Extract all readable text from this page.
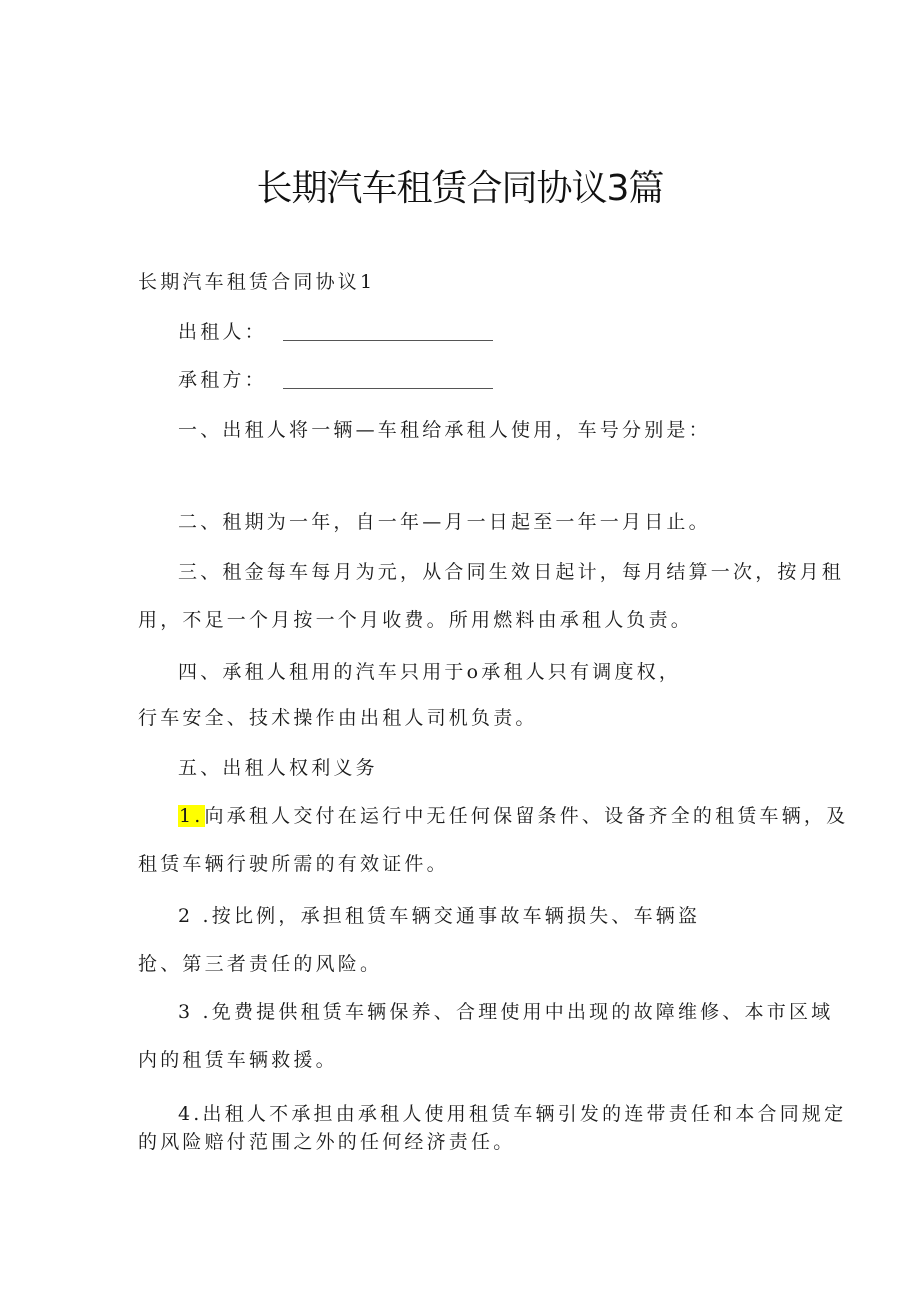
长期汽车租赁合同协议3篇
长期汽车租赁合同协议1
出租人：
承租方：
一、出租人将一辆—车租给承租人使用，车号分别是：
二、租期为一年，自一年—月一日起至一年一月日止。
三、租金每车每月为元，从合同生效日起计，每月结算一次，按月租
用，不足一个月按一个月收费。所用燃料由承租人负责。
四、承租人租用的汽车只用于o承租人只有调度权，
行车安全、技术操作由出租人司机负责。
五、出租人权利义务
1.向承租人交付在运行中无任何保留条件、设备齐全的租赁车辆，及
租赁车辆行驶所需的有效证件。
2 .按比例，承担租赁车辆交通事故车辆损失、车辆盗
抢、第三者责任的风险。
3 .免费提供租赁车辆保养、合理使用中出现的故障维修、本市区域
内的租赁车辆救援。
4.出租人不承担由承租人使用租赁车辆引发的连带责任和本合同规定
的风险赔付范围之外的任何经济责任。
